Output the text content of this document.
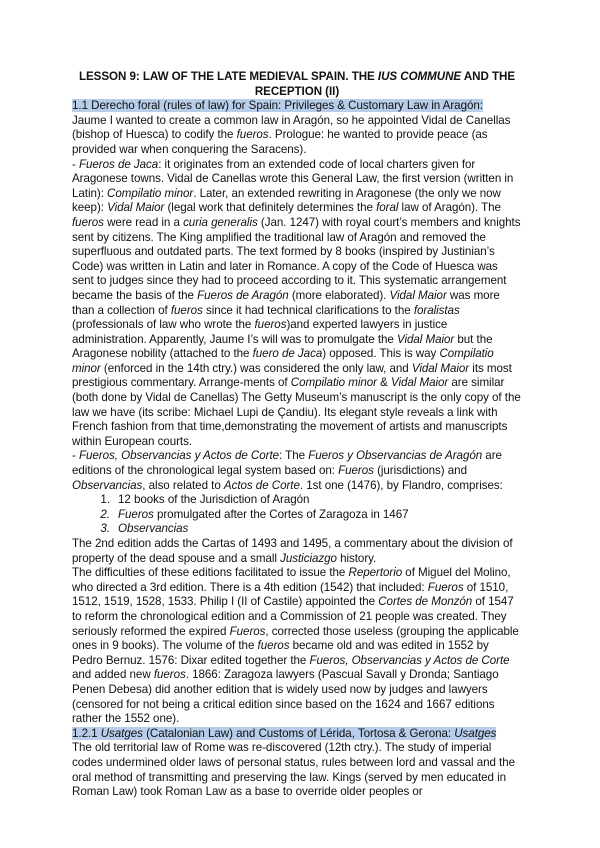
LESSON 9: LAW OF THE LATE MEDIEVAL SPAIN. THE IUS COMMUNE AND THE RECEPTION (II)
1.1 Derecho foral (rules of law) for Spain: Privileges & Customary Law in Aragón:
Jaume I wanted to create a common law in Aragón, so he appointed Vidal de Canellas (bishop of Huesca) to codify the fueros. Prologue: he wanted to provide peace (as provided war when conquering the Saracens).
- Fueros de Jaca: it originates from an extended code of local charters given for Aragonese towns. Vidal de Canellas wrote this General Law, the first version (written in Latin): Compilatio minor. Later, an extended rewriting in Aragonese (the only we now keep): Vidal Maior (legal work that definitely determines the foral law of Aragón). The fueros were read in a curia generalis (Jan. 1247) with royal court’s members and knights sent by citizens. The King amplified the traditional law of Aragón and removed the superfluous and outdated parts. The text formed by 8 books (inspired by Justinian’s Code) was written in Latin and later in Romance. A copy of the Code of Huesca was sent to judges since they had to proceed according to it. This systematic arrangement became the basis of the Fueros de Aragón (more elaborated). Vidal Maior was more than a collection of fueros since it had technical clarifications to the foralistas (professionals of law who wrote the fueros)and experted lawyers in justice administration. Apparently, Jaume I’s will was to promulgate the Vidal Maior but the Aragonese nobility (attached to the fuero de Jaca) opposed. This is way Compilatio minor (enforced in the 14th ctry.) was considered the only law, and Vidal Maior its most prestigious commentary. Arrange-ments of Compilatio minor & Vidal Maior are similar (both done by Vidal de Canellas) The Getty Museum’s manuscript is the only copy of the law we have (its scribe: Michael Lupi de Çandiu). Its elegant style reveals a link with French fashion from that time,demonstrating the movement of artists and manuscripts within European courts.
- Fueros, Observancias y Actos de Corte: The Fueros y Observancias de Aragón are editions of the chronological legal system based on: Fueros (jurisdictions) and Observancias, also related to Actos de Corte. 1st one (1476), by Flandro, comprises:
1. 12 books of the Jurisdiction of Aragón
2. Fueros promulgated after the Cortes of Zaragoza in 1467
3. Observancias
The 2nd edition adds the Cartas of 1493 and 1495, a commentary about the division of property of the dead spouse and a small Justiciazgo history.
The difficulties of these editions facilitated to issue the Repertorio of Miguel del Molino, who directed a 3rd edition. There is a 4th edition (1542) that included: Fueros of 1510, 1512, 1519, 1528, 1533. Philip I (II of Castile) appointed the Cortes de Monzón of 1547 to reform the chronological edition and a Commission of 21 people was created. They seriously reformed the expired Fueros, corrected those useless (grouping the applicable ones in 9 books). The volume of the fueros became old and was edited in 1552 by Pedro Bernuz. 1576: Dixar edited together the Fueros, Observancias y Actos de Corte and added new fueros. 1866: Zaragoza lawyers (Pascual Savall y Dronda; Santiago Penen Debesa) did another edition that is widely used now by judges and lawyers (censored for not being a critical edition since based on the 1624 and 1667 editions rather the 1552 one).
1.2.1 Usatges (Catalonian Law) and Customs of Lérida, Tortosa & Gerona: Usatges
The old territorial law of Rome was re-discovered (12th ctry.). The study of imperial codes undermined older laws of personal status, rules between lord and vassal and the oral method of transmitting and preserving the law. Kings (served by men educated in Roman Law) took Roman Law as a base to override older peoples or
